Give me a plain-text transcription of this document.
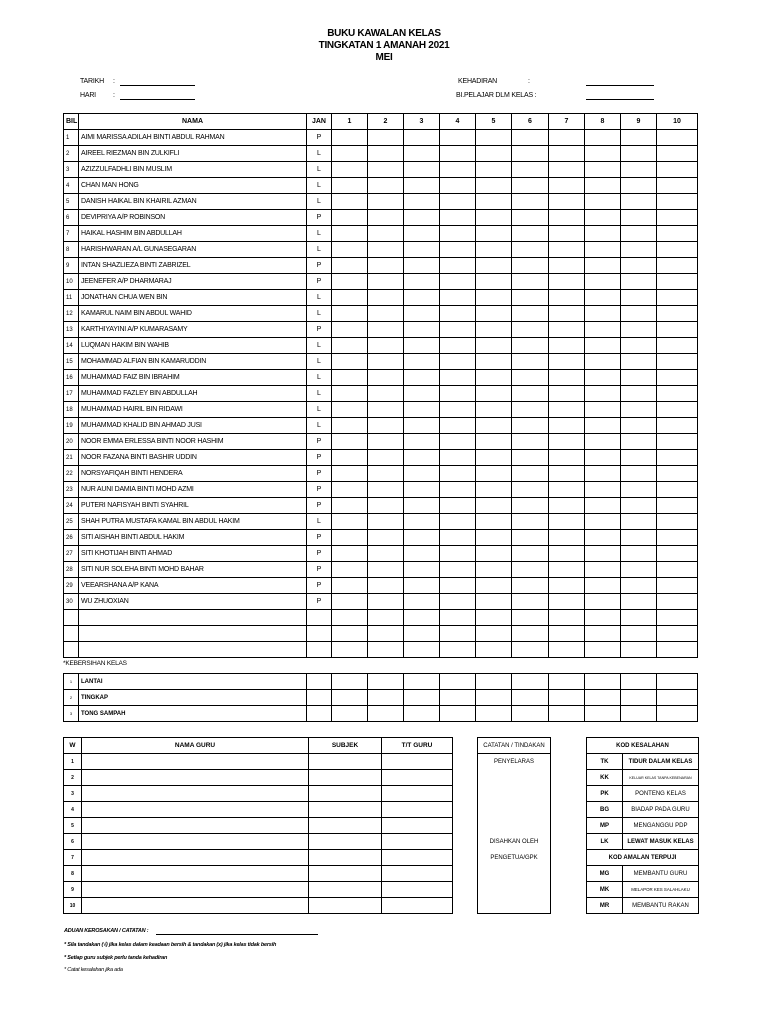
BUKU KAWALAN KELAS
TINGKATAN 1 AMANAH 2021
MEI
TARIKH :
HARI :
KEHADIRAN	:
BI.PELAJAR DLM KELAS :
BIL	NAMA	JAN	1	2	3	4	5	6	7	8	9	10
1	AIMI MARISSA ADILAH BINTI ABDUL RAHMAN	P										
2	AIREEL RIEZMAN BIN ZULKIFLI	L										
3	AZIZZULFADHLI BIN MUSLIM	L										
4	CHAN MAN HONG	L										
5	DANISH HAIKAL BIN KHAIRIL AZMAN	L										
6	DEVIPRIYA A/P ROBINSON	P										
7	HAIKAL HASHIM BIN ABDULLAH	L										
8	HARISHWARAN A/L GUNASEGARAN	L										
9	INTAN SHAZLIEZA BINTI ZABRIZEL	P										
10	JEENEFER A/P DHARMARAJ	P										
11	JONATHAN CHUA WEN BIN	L										
12	KAMARUL NAIM BIN ABDUL WAHID	L										
13	KARTHIYAYINI A/P KUMARASAMY	P										
14	LUQMAN HAKIM BIN WAHIB	L										
15	MOHAMMAD ALFIAN BIN KAMARUDDIN	L										
16	MUHAMMAD FAIZ BIN IBRAHIM	L										
17	MUHAMMAD FAZLEY BIN ABDULLAH	L										
18	MUHAMMAD HAIRIL BIN RIDAWI	L										
19	MUHAMMAD KHALID BIN AHMAD JUSI	L										
20	NOOR EMMA ERLESSA BINTI NOOR HASHIM	P										
21	NOOR FAZANA BINTI BASHIR UDDIN	P										
22	NORSYAFIQAH BINTI HENDERA	P										
23	NUR AUNI DAMIA BINTI MOHD AZMI	P										
24	PUTERI NAFISYAH BINTI SYAHRIL	P										
25	SHAH PUTRA MUSTAFA KAMAL BIN ABDUL HAKIM	L										
26	SITI AISHAH BINTI ABDUL HAKIM	P										
27	SITI KHOTIJAH BINTI AHMAD	P										
28	SITI NUR SOLEHA BINTI MOHD BAHAR	P										
29	VEEARSHANA A/P KANA	P										
30	WU ZHUOXIAN	P										

*KEBERSIHAN KELAS
1	LANTAI											
2	TINGKAP											
3	TONG SAMPAH											
W	NAMA GURU	SUBJEK	T/T GURU
1			
2			
3			
4			
5			
6			
7			
8			
9			
10			
CATATAN / TINDAKAN
PENYELARAS

DISAHKAN OLEH
PENGETUA/GPK

KOD KESALAHAN	
TK	TIDUR DALAM KELAS
KK	KELUAR KELAS TANPA KEBENARAN
PK	PONTENG KELAS
BG	BIADAP PADA GURU
MP	MENGANGGU PDP
LK	LEWAT MASUK KELAS
KOD AMALAN TERPUJI	
MG	MEMBANTU GURU
MK	MELAPOR KES SALAHLAKU
MR	MEMBANTU RAKAN
ADUAN KEROSAKAN / CATATAN :
* Sila tandakan (√) jika kelas dalam keadaan bersih & tandakan (x) jika kelas tidak bersih
* Setiap guru subjek perlu tanda kehadiran
* Catat kesalahan jika ada
